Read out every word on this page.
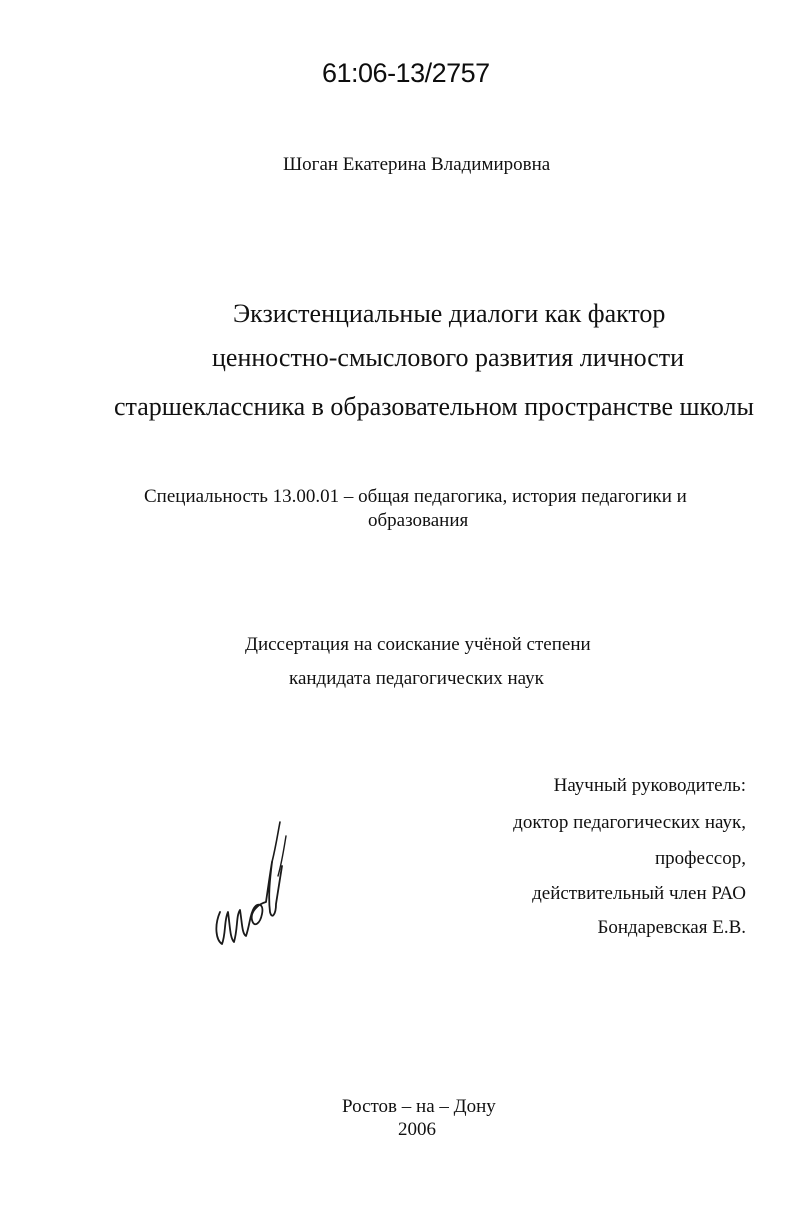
61:06-13/2757
Шоган Екатерина Владимировна
Экзистенциальные диалоги как фактор
ценностно-смыслового развития личности
старшеклассника в образовательном пространстве школы
Специальность 13.00.01 – общая педагогика, история педагогики и
образования
Диссертация на соискание учёной степени
кандидата педагогических наук
Научный руководитель:
доктор педагогических наук,
профессор,
действительный член РАО
Бондаревская Е.В.
Ростов – на – Дону
2006
